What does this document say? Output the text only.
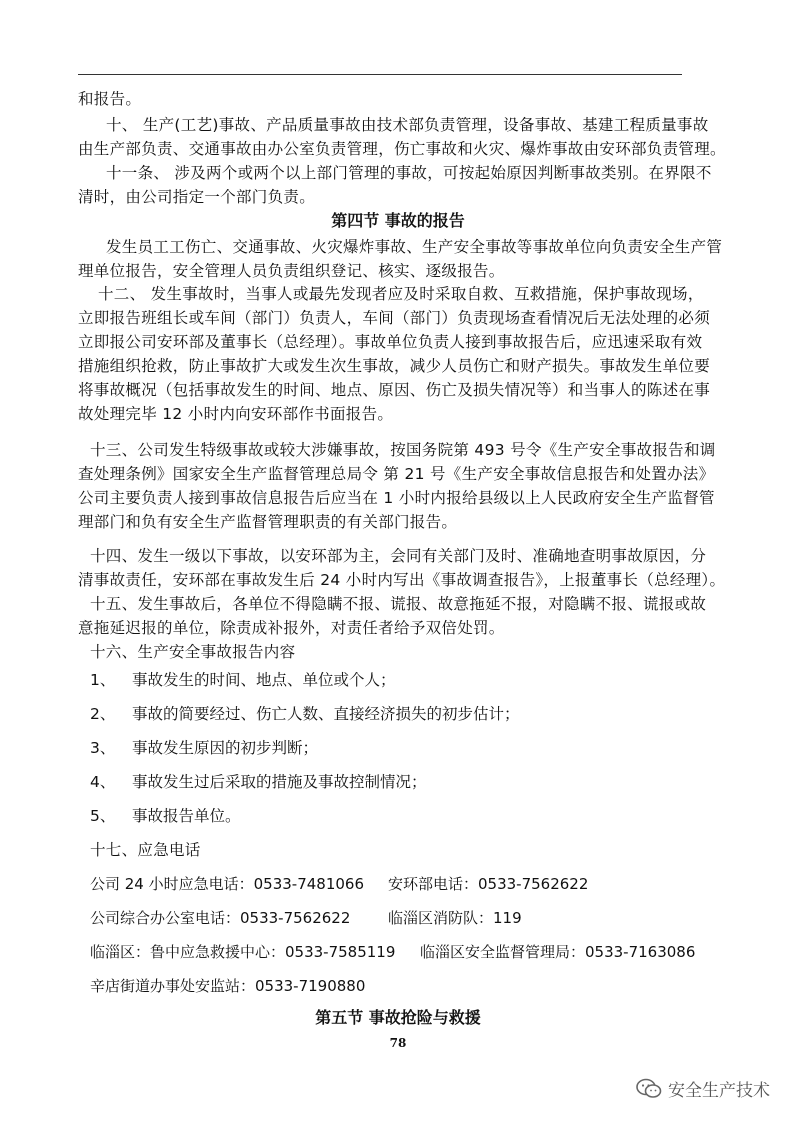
和报告。
十、 生产(工艺)事故、产品质量事故由技术部负责管理，设备事故、基建工程质量事故
由生产部负责、交通事故由办公室负责管理，伤亡事故和火灾、爆炸事故由安环部负责管理。
十一条、 涉及两个或两个以上部门管理的事故，可按起始原因判断事故类别。在界限不
清时，由公司指定一个部门负责。
第四节 事故的报告
发生员工工伤亡、交通事故、火灾爆炸事故、生产安全事故等事故单位向负责安全生产管
理单位报告，安全管理人员负责组织登记、核实、逐级报告。
十二、 发生事故时，当事人或最先发现者应及时采取自救、互救措施，保护事故现场，
立即报告班组长或车间（部门）负责人，车间（部门）负责现场查看情况后无法处理的必须
立即报公司安环部及董事长（总经理）。事故单位负责人接到事故报告后，应迅速采取有效
措施组织抢救，防止事故扩大或发生次生事故，减少人员伤亡和财产损失。事故发生单位要
将事故概况（包括事故发生的时间、地点、原因、伤亡及损失情况等）和当事人的陈述在事
故处理完毕 12 小时内向安环部作书面报告。
十三、公司发生特级事故或较大涉嫌事故，按国务院第 493 号令《生产安全事故报告和调
查处理条例》国家安全生产监督管理总局令 第 21 号《生产安全事故信息报告和处置办法》
公司主要负责人接到事故信息报告后应当在 1 小时内报给县级以上人民政府安全生产监督管
理部门和负有安全生产监督管理职责的有关部门报告。
十四、发生一级以下事故，以安环部为主，会同有关部门及时、准确地查明事故原因，分
清事故责任，安环部在事故发生后 24 小时内写出《事故调查报告》，上报董事长（总经理）。
十五、发生事故后，各单位不得隐瞒不报、谎报、故意拖延不报，对隐瞒不报、谎报或故
意拖延迟报的单位，除责成补报外，对责任者给予双倍处罚。
十六、生产安全事故报告内容
1、 事故发生的时间、地点、单位或个人；
2、 事故的简要经过、伤亡人数、直接经济损失的初步估计；
3、 事故发生原因的初步判断；
4、 事故发生过后采取的措施及事故控制情况；
5、 事故报告单位。
十七、应急电话
公司 24 小时应急电话：0533-7481066 安环部电话：0533-7562622
公司综合办公室电话：0533-7562622	临淄区消防队：119
临淄区：鲁中应急救援中心：0533-7585119 临淄区安全监督管理局：0533-7163086
辛店街道办事处安监站：0533-7190880
第五节 事故抢险与救援
78
安全生产技术
